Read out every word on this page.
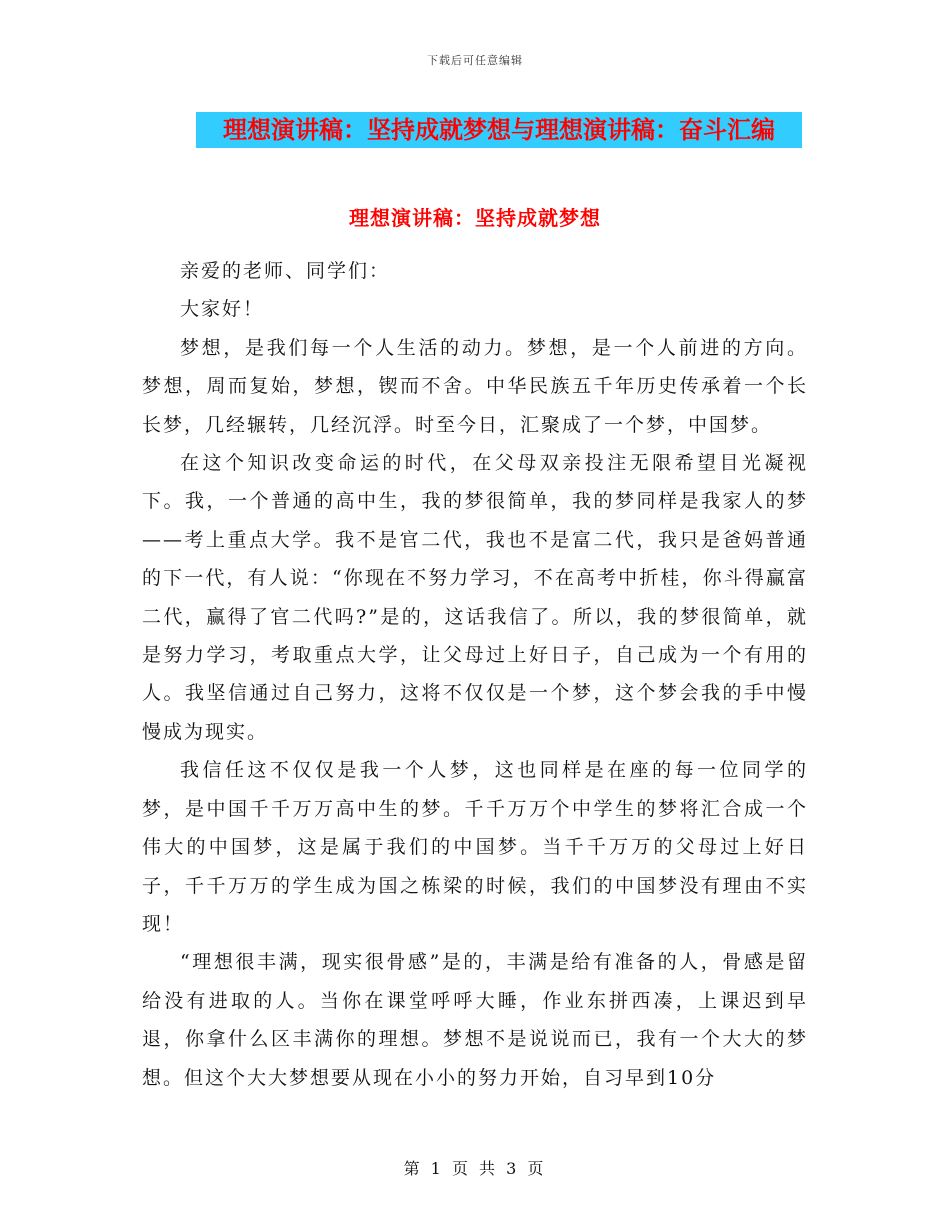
下载后可任意编辑
理想演讲稿：坚持成就梦想与理想演讲稿：奋斗汇编
理想演讲稿：坚持成就梦想

亲爱的老师、同学们：

大家好！

梦想，是我们每一个人生活的动力。梦想，是一个人前进的方向。梦想，周而复始，梦想，锲而不舍。中华民族五千年历史传承着一个长长梦，几经辗转，几经沉浮。时至今日，汇聚成了一个梦，中国梦。

在这个知识改变命运的时代，在父母双亲投注无限希望目光凝视下。我，一个普通的高中生，我的梦很简单，我的梦同样是我家人的梦——考上重点大学。我不是官二代，我也不是富二代，我只是爸妈普通的下一代，有人说：“你现在不努力学习，不在高考中折桂，你斗得赢富二代，赢得了官二代吗?”是的，这话我信了。所以，我的梦很简单，就是努力学习，考取重点大学，让父母过上好日子，自己成为一个有用的人。我坚信通过自己努力，这将不仅仅是一个梦，这个梦会我的手中慢慢成为现实。

我信任这不仅仅是我一个人梦，这也同样是在座的每一位同学的梦，是中国千千万万高中生的梦。千千万万个中学生的梦将汇合成一个伟大的中国梦，这是属于我们的中国梦。当千千万万的父母过上好日子，千千万万的学生成为国之栋梁的时候，我们的中国梦没有理由不实现！

“理想很丰满，现实很骨感”是的，丰满是给有准备的人，骨感是留给没有进取的人。当你在课堂呼呼大睡，作业东拼西凑，上课迟到早退，你拿什么区丰满你的理想。梦想不是说说而已，我有一个大大的梦想。但这个大大梦想要从现在小小的努力开始，自习早到10分

第 1 页 共 3 页
